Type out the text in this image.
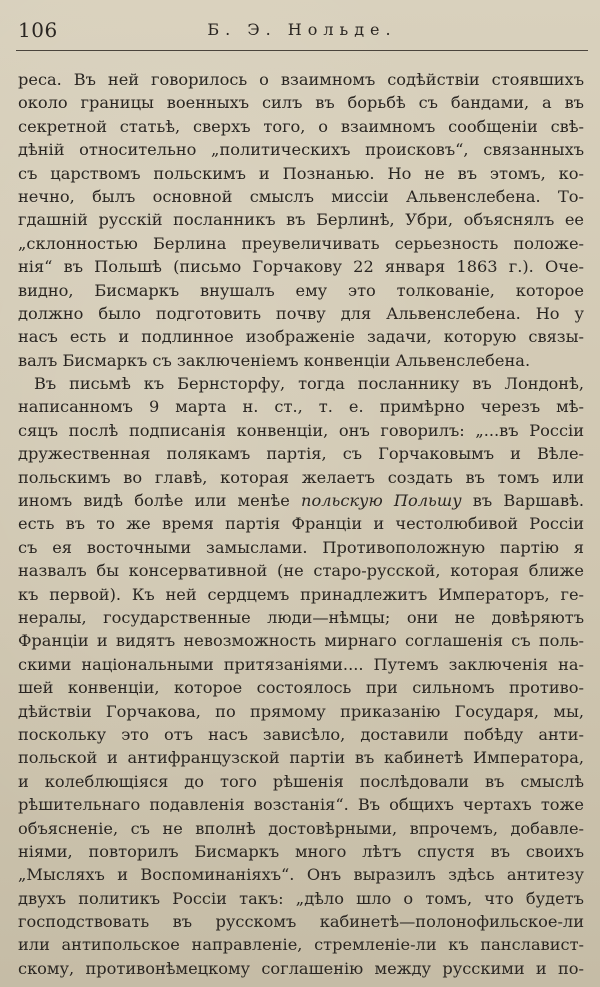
106	Б. Э. Нольде.
реса. Въ ней говорилось о взаимномъ содѣйствіи стоявшихъ
около границы военныхъ силъ въ борьбѣ съ бандами, а въ
секретной статьѣ, сверхъ того, о взаимномъ сообщеніи свѣ-
дѣній относительно „политическихъ происковъ“, связанныхъ
съ царствомъ польскимъ и Познанью. Но не въ этомъ, ко-
нечно, былъ основной смыслъ миссіи Альвенслебена. То-
гдашній русскій посланникъ въ Берлинѣ, Убри, объяснялъ ее
„склонностью Берлина преувеличивать серьезность положе-
нія“ въ Польшѣ (письмо Горчакову 22 января 1863 г.). Оче-
видно, Бисмаркъ внушалъ ему это толкованіе, которое
должно было подготовить почву для Альвенслебена. Но у
насъ есть и подлинное изображеніе задачи, которую связы-
валъ Бисмаркъ съ заключеніемъ конвенціи Альвенслебена.
Въ письмѣ къ Бернсторфу, тогда посланнику въ Лондонѣ,
написанномъ 9 марта н. ст., т. е. примѣрно черезъ мѣ-
сяцъ послѣ подписанія конвенціи, онъ говорилъ: „...въ Россіи
дружественная полякамъ партія, съ Горчаковымъ и Вѣле-
польскимъ во главѣ, которая желаетъ создать въ томъ или
иномъ видѣ болѣе или менѣе польскую Польшу въ Варшавѣ.
есть въ то же время партія Франціи и честолюбивой Россіи
съ ея восточными замыслами. Противоположную партію я
назвалъ бы консервативной (не старо-русской, которая ближе
къ первой). Къ ней сердцемъ принадлежитъ Императоръ, ге-
нералы, государственные люди—нѣмцы; они не довѣряютъ
Франціи и видятъ невозможность мирнаго соглашенія съ поль-
скими національными притязаніями.... Путемъ заключенія на-
шей конвенціи, которое состоялось при сильномъ противо-
дѣйствіи Горчакова, по прямому приказанію Государя, мы,
поскольку это отъ насъ зависѣло, доставили побѣду анти-
польской и антифранцузской партіи въ кабинетѣ Императора,
и колеблющіяся до того рѣшенія послѣдовали въ смыслѣ
рѣшительнаго подавленія возстанія“. Въ общихъ чертахъ тоже
объясненіе, съ не вполнѣ достовѣрными, впрочемъ, добавле-
ніями, повторилъ Бисмаркъ много лѣтъ спустя въ своихъ
„Мысляхъ и Воспоминаніяхъ“. Онъ выразилъ здѣсь антитезу
двухъ политикъ Россіи такъ: „дѣло шло о томъ, что будетъ
господствовать въ русскомъ кабинетѣ—полонофильское-ли
или антипольское направленіе, стремленіе-ли къ панславист-
скому, противонѣмецкому соглашенію между русскими и по-
